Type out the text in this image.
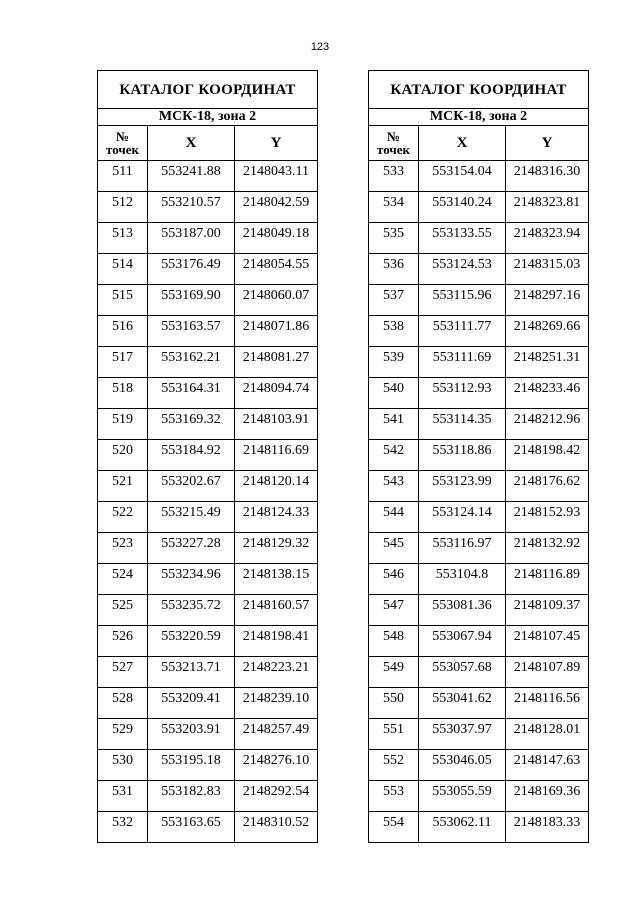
123
КАТАЛОГ КООРДИНАТ		
МСК-18, зона 2		
№
точек	X	Y
511	553241.88	2148043.11
512	553210.57	2148042.59
513	553187.00	2148049.18
514	553176.49	2148054.55
515	553169.90	2148060.07
516	553163.57	2148071.86
517	553162.21	2148081.27
518	553164.31	2148094.74
519	553169.32	2148103.91
520	553184.92	2148116.69
521	553202.67	2148120.14
522	553215.49	2148124.33
523	553227.28	2148129.32
524	553234.96	2148138.15
525	553235.72	2148160.57
526	553220.59	2148198.41
527	553213.71	2148223.21
528	553209.41	2148239.10
529	553203.91	2148257.49
530	553195.18	2148276.10
531	553182.83	2148292.54
532	553163.65	2148310.52
КАТАЛОГ КООРДИНАТ		
МСК-18, зона 2		
№
точек	X	Y
533	553154.04	2148316.30
534	553140.24	2148323.81
535	553133.55	2148323.94
536	553124.53	2148315.03
537	553115.96	2148297.16
538	553111.77	2148269.66
539	553111.69	2148251.31
540	553112.93	2148233.46
541	553114.35	2148212.96
542	553118.86	2148198.42
543	553123.99	2148176.62
544	553124.14	2148152.93
545	553116.97	2148132.92
546	553104.8	2148116.89
547	553081.36	2148109.37
548	553067.94	2148107.45
549	553057.68	2148107.89
550	553041.62	2148116.56
551	553037.97	2148128.01
552	553046.05	2148147.63
553	553055.59	2148169.36
554	553062.11	2148183.33
